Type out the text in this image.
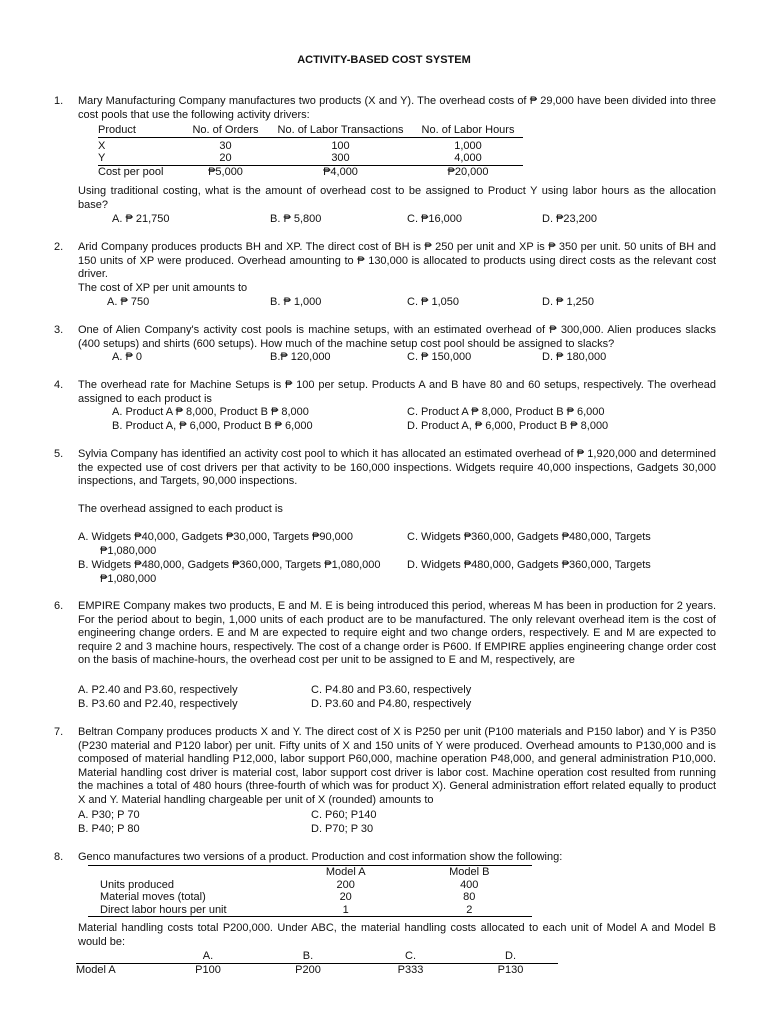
ACTIVITY-BASED COST SYSTEM
1.	Mary Manufacturing Company manufactures two products (X and Y). The overhead costs of ₱ 29,000 have been divided into three cost pools that use the following activity drivers:
Product	No. of Orders	No. of Labor Transactions	No. of Labor Hours
X	30	100	1,000
Y	20	300	4,000
Cost per pool	₱5,000	₱4,000	₱20,000
Using traditional costing, what is the amount of overhead cost to be assigned to Product Y using labor hours as the allocation base?
A. ₱ 21,750	B. ₱ 5,800	C. ₱16,000	D. ₱23,200
2.	Arid Company produces products BH and XP. The direct cost of BH is ₱ 250 per unit and XP is ₱ 350 per unit. 50 units of BH and 150 units of XP were produced. Overhead amounting to ₱ 130,000 is allocated to products using direct costs as the relevant cost driver.
The cost of XP per unit amounts to
A. ₱ 750	B. ₱ 1,000	C. ₱ 1,050	D. ₱ 1,250
3.	One of Alien Company's activity cost pools is machine setups, with an estimated overhead of ₱ 300,000. Alien produces slacks (400 setups) and shirts (600 setups). How much of the machine setup cost pool should be assigned to slacks?
A. ₱ 0	B.₱ 120,000	C. ₱ 150,000	D. ₱ 180,000
4.	The overhead rate for Machine Setups is ₱ 100 per setup. Products A and B have 80 and 60 setups, respectively. The overhead assigned to each product is
A. Product A ₱ 8,000, Product B ₱ 8,000	C. Product A ₱ 8,000, Product B ₱ 6,000
B. Product A, ₱ 6,000, Product B ₱ 6,000	D. Product A, ₱ 6,000, Product B ₱ 8,000
5.	Sylvia Company has identified an activity cost pool to which it has allocated an estimated overhead of ₱ 1,920,000 and determined the expected use of cost drivers per that activity to be 160,000 inspections. Widgets require 40,000 inspections, Gadgets 30,000 inspections, and Targets, 90,000 inspections.
The overhead assigned to each product is
A. Widgets ₱40,000, Gadgets ₱30,000, Targets ₱90,000	C. Widgets ₱360,000, Gadgets ₱480,000, Targets
₱1,080,000
B. Widgets ₱480,000, Gadgets ₱360,000, Targets ₱1,080,000 D. Widgets ₱480,000, Gadgets ₱360,000, Targets
₱1,080,000
6.	EMPIRE Company makes two products, E and M. E is being introduced this period, whereas M has been in production for 2 years. For the period about to begin, 1,000 units of each product are to be manufactured. The only relevant overhead item is the cost of engineering change orders. E and M are expected to require eight and two change orders, respectively. E and M are expected to require 2 and 3 machine hours, respectively. The cost of a change order is P600. If EMPIRE applies engineering change order cost on the basis of machine-hours, the overhead cost per unit to be assigned to E and M, respectively, are
A. P2.40 and P3.60, respectively	C. P4.80 and P3.60, respectively
B. P3.60 and P2.40, respectively	D. P3.60 and P4.80, respectively
7.	Beltran Company produces products X and Y. The direct cost of X is P250 per unit (P100 materials and P150 labor) and Y is P350 (P230 material and P120 labor) per unit. Fifty units of X and 150 units of Y were produced. Overhead amounts to P130,000 and is composed of material handling P12,000, labor support P60,000, machine operation P48,000, and general administration P10,000. Material handling cost driver is material cost, labor support cost driver is labor cost. Machine operation cost resulted from running the machines a total of 480 hours (three-fourth of which was for product X). General administration effort related equally to product X and Y. Material handling chargeable per unit of X (rounded) amounts to
A. P30; P 70	C. P60; P140
B. P40; P 80	D. P70; P 30
8.	Genco manufactures two versions of a product. Production and cost information show the following:
	Model A	Model B
Units produced	200	400
Material moves (total)	20	80
Direct labor hours per unit	1	2
Material handling costs total P200,000. Under ABC, the material handling costs allocated to each unit of Model A and Model B would be:
	A.	B.	C.	D.
Model A	P100	P200	P333	P130
